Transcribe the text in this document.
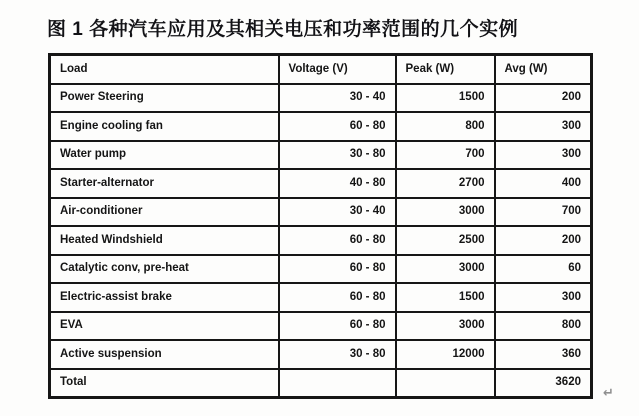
图 1 各种汽车应用及其相关电压和功率范围的几个实例
Load	Voltage (V)	Peak (W)	Avg (W)
Power Steering	30 - 40	1500	200
Engine cooling fan	60 - 80	800	300
Water pump	30 - 80	700	300
Starter-alternator	40 - 80	2700	400
Air-conditioner	30 - 40	3000	700
Heated Windshield	60 - 80	2500	200
Catalytic conv, pre-heat	60 - 80	3000	60
Electric-assist brake	60 - 80	1500	300
EVA	60 - 80	3000	800
Active suspension	30 - 80	12000	360
Total			3620
↵
